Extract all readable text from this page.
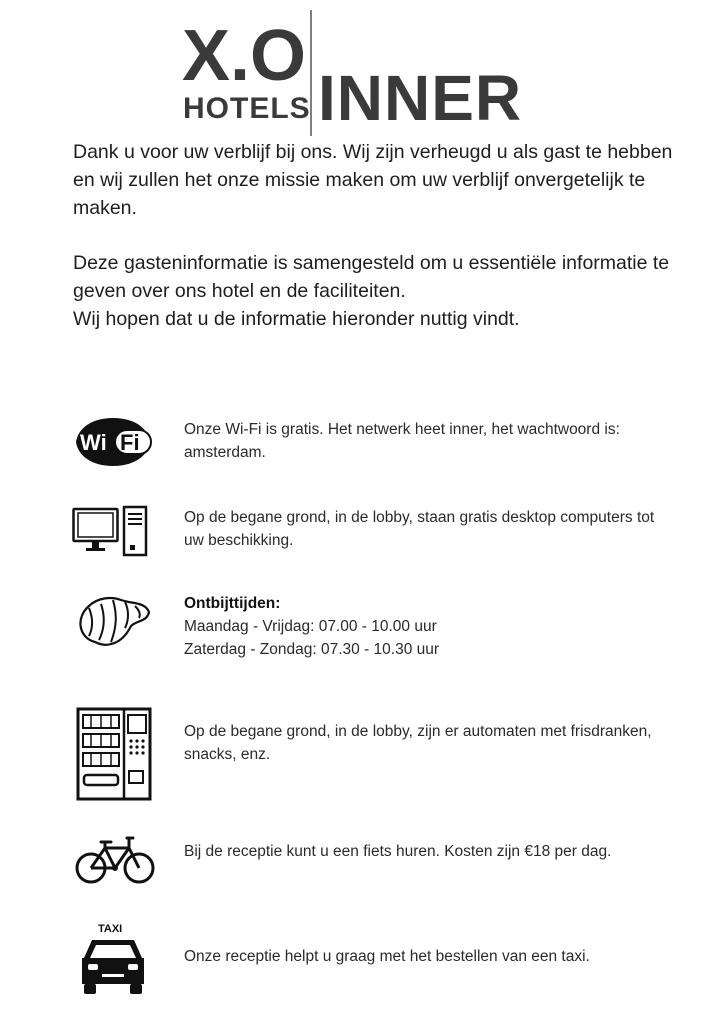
X.O
HOTELS INNER

Dank u voor uw verblijf bij ons. Wij zijn verheugd u als gast te hebben en wij zullen het onze missie maken om uw verblijf onvergetelijk te maken.

Deze gasteninformatie is samengesteld om u essentiële informatie te geven over ons hotel en de faciliteiten.
Wij hopen dat u de informatie hieronder nuttig vindt.

Wi Fi
Onze Wi-Fi is gratis. Het netwerk heet inner, het wachtwoord is: amsterdam.
Op de begane grond, in de lobby, staan gratis desktop computers tot uw beschikking.
Ontbijttijden:
Maandag - Vrijdag: 07.00 - 10.00 uur
Zaterdag - Zondag: 07.30 - 10.30 uur
Op de begane grond, in de lobby, zijn er automaten met frisdranken, snacks, enz.
Bij de receptie kunt u een fiets huren. Kosten zijn €18 per dag.
TAXI
Onze receptie helpt u graag met het bestellen van een taxi.
